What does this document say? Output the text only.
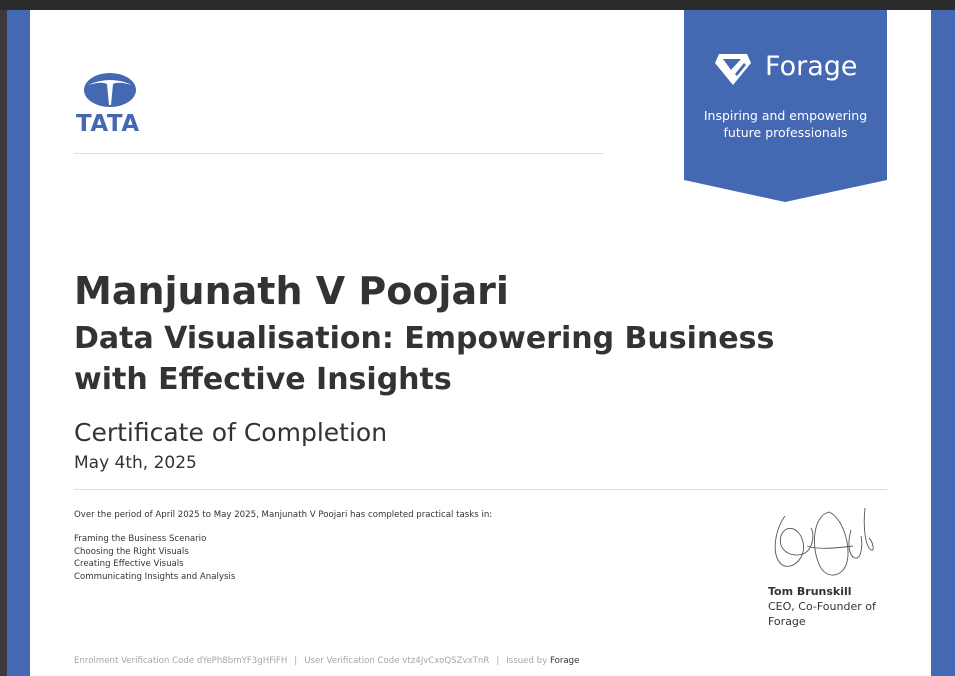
TATA
Forage
Inspiring and empowering
future professionals
Manjunath V Poojari
Data Visualisation: Empowering Business with Effective Insights
Certificate of Completion
May 4th, 2025
Over the period of April 2025 to May 2025, Manjunath V Poojari has completed practical tasks in:
Framing the Business Scenario
Choosing the Right Visuals
Creating Effective Visuals
Communicating Insights and Analysis
Tom Brunskill
CEO, Co-Founder of Forage
Enrolment Verification Code dYePh8bmYF3gHFiFH | User Verification Code vtz4JvCxoQSZvxTnR | Issued by Forage
